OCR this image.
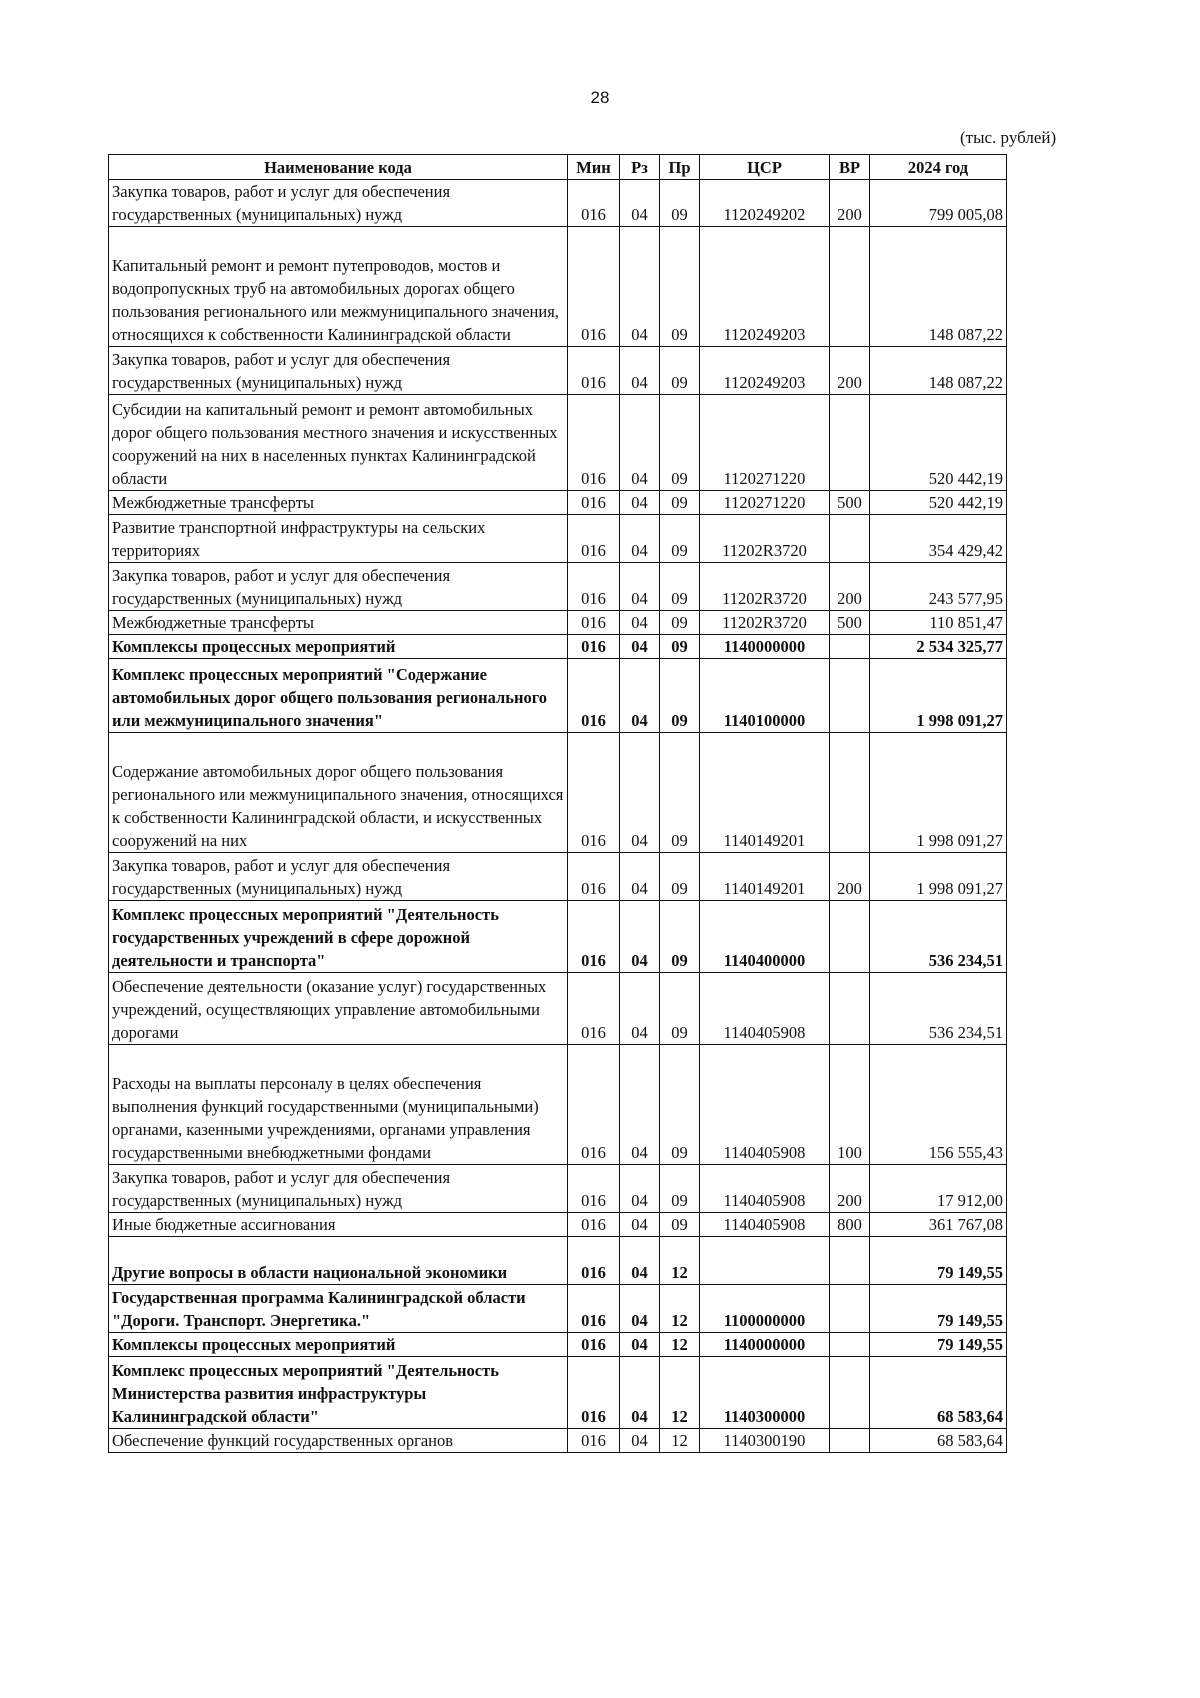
28
(тыс. рублей)
Наименование кода	Мин	Рз	Пр	ЦСР	ВР	2024 год
Закупка товаров, работ и услуг для обеспечения государственных (муниципальных) нужд	016	04	09	1120249202	200	799 005,08
Капитальный ремонт и ремонт путепроводов, мостов и водопропускных труб на автомобильных дорогах общего пользования регионального или межмуниципального значения, относящихся к собственности Калининградской области	016	04	09	1120249203		148 087,22
Закупка товаров, работ и услуг для обеспечения государственных (муниципальных) нужд	016	04	09	1120249203	200	148 087,22
Субсидии на капитальный ремонт и ремонт автомобильных дорог общего пользования местного значения и искусственных сооружений на них в населенных пунктах Калининградской области	016	04	09	1120271220		520 442,19
Межбюджетные трансферты	016	04	09	1120271220	500	520 442,19
Развитие транспортной инфраструктуры на сельских территориях	016	04	09	11202R3720		354 429,42
Закупка товаров, работ и услуг для обеспечения государственных (муниципальных) нужд	016	04	09	11202R3720	200	243 577,95
Межбюджетные трансферты	016	04	09	11202R3720	500	110 851,47
Комплексы процессных мероприятий	016	04	09	1140000000		2 534 325,77
Комплекс процессных мероприятий "Содержание автомобильных дорог общего пользования регионального или межмуниципального значения"	016	04	09	1140100000		1 998 091,27
Содержание автомобильных дорог общего пользования регионального или межмуниципального значения, относящихся к собственности Калининградской области, и искусственных сооружений на них	016	04	09	1140149201		1 998 091,27
Закупка товаров, работ и услуг для обеспечения государственных (муниципальных) нужд	016	04	09	1140149201	200	1 998 091,27
Комплекс процессных мероприятий "Деятельность государственных учреждений в сфере дорожной деятельности и транспорта"	016	04	09	1140400000		536 234,51
Обеспечение деятельности (оказание услуг) государственных учреждений, осуществляющих управление автомобильными дорогами	016	04	09	1140405908		536 234,51
Расходы на выплаты персоналу в целях обеспечения выполнения функций государственными (муниципальными) органами, казенными учреждениями, органами управления государственными внебюджетными фондами	016	04	09	1140405908	100	156 555,43
Закупка товаров, работ и услуг для обеспечения государственных (муниципальных) нужд	016	04	09	1140405908	200	17 912,00
Иные бюджетные ассигнования	016	04	09	1140405908	800	361 767,08
Другие вопросы в области национальной экономики	016	04	12			79 149,55
Государственная программа Калининградской области "Дороги. Транспорт. Энергетика."	016	04	12	1100000000		79 149,55
Комплексы процессных мероприятий	016	04	12	1140000000		79 149,55
Комплекс процессных мероприятий "Деятельность Министерства развития инфраструктуры Калининградской области"	016	04	12	1140300000		68 583,64
Обеспечение функций государственных органов	016	04	12	1140300190		68 583,64
